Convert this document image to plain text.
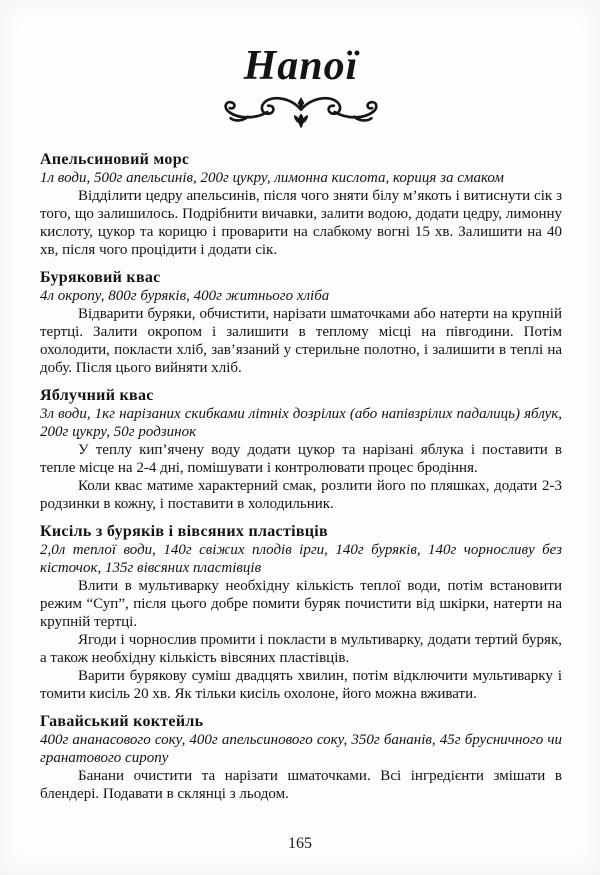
Напої
Апельсиновий морс

1л води, 500г апельсинів, 200г цукру, лимонна кислота, кориця за смаком

Відділити цедру апельсинів, після чого зняти білу м’якоть і витиснути сік з того, що залишилось. Подрібнити вичавки, залити водою, додати цедру, лимонну кислоту, цукор та корицю і проварити на слабкому вогні 15 хв. Залишити на 40 хв, після чого процідити і додати сік.

Буряковий квас

4л окропу, 800г буряків, 400г житнього хліба

Відварити буряки, обчистити, нарізати шматочками або натерти на крупній тертці. Залити окропом і залишити в теплому місці на півгодини. Потім охолодити, покласти хліб, зав’язаний у стерильне полотно, і залишити в теплі на добу. Після цього вийняти хліб.

Яблучний квас

3л води, 1кг нарізаних скибками літніх дозрілих (або напівзрілих падалиць) яблук, 200г цукру, 50г родзинок

У теплу кип’ячену воду додати цукор та нарізані яблука і поставити в тепле місце на 2-4 дні, помішувати і контролювати процес бродіння.

Коли квас матиме характерний смак, розлити його по пляшках, додати 2-3 родзинки в кожну, і поставити в холодильник.

Кисіль з буряків і вівсяних пластівців

2,0л теплої води, 140г свіжих плодів ірги, 140г буряків, 140г чорносливу без кісточок, 135г вівсяних пластівців

Влити в мультиварку необхідну кількість теплої води, потім встановити режим “Суп”, після цього добре помити буряк почистити від шкірки, натерти на крупній тертці.

Ягоди і чорнослив промити і покласти в мультиварку, додати тертий буряк, а також необхідну кількість вівсяних пластівців.

Варити бурякову суміш двадцять хвилин, потім відключити мультиварку і томити кисіль 20 хв. Як тільки кисіль охолоне, його можна вживати.

Гавайський коктейль

400г ананасового соку, 400г апельсинового соку, 350г бананів, 45г брусничного чи гранатового сиропу

Банани очистити та нарізати шматочками. Всі інгредієнти змішати в блендері. Подавати в склянці з льодом.

165
